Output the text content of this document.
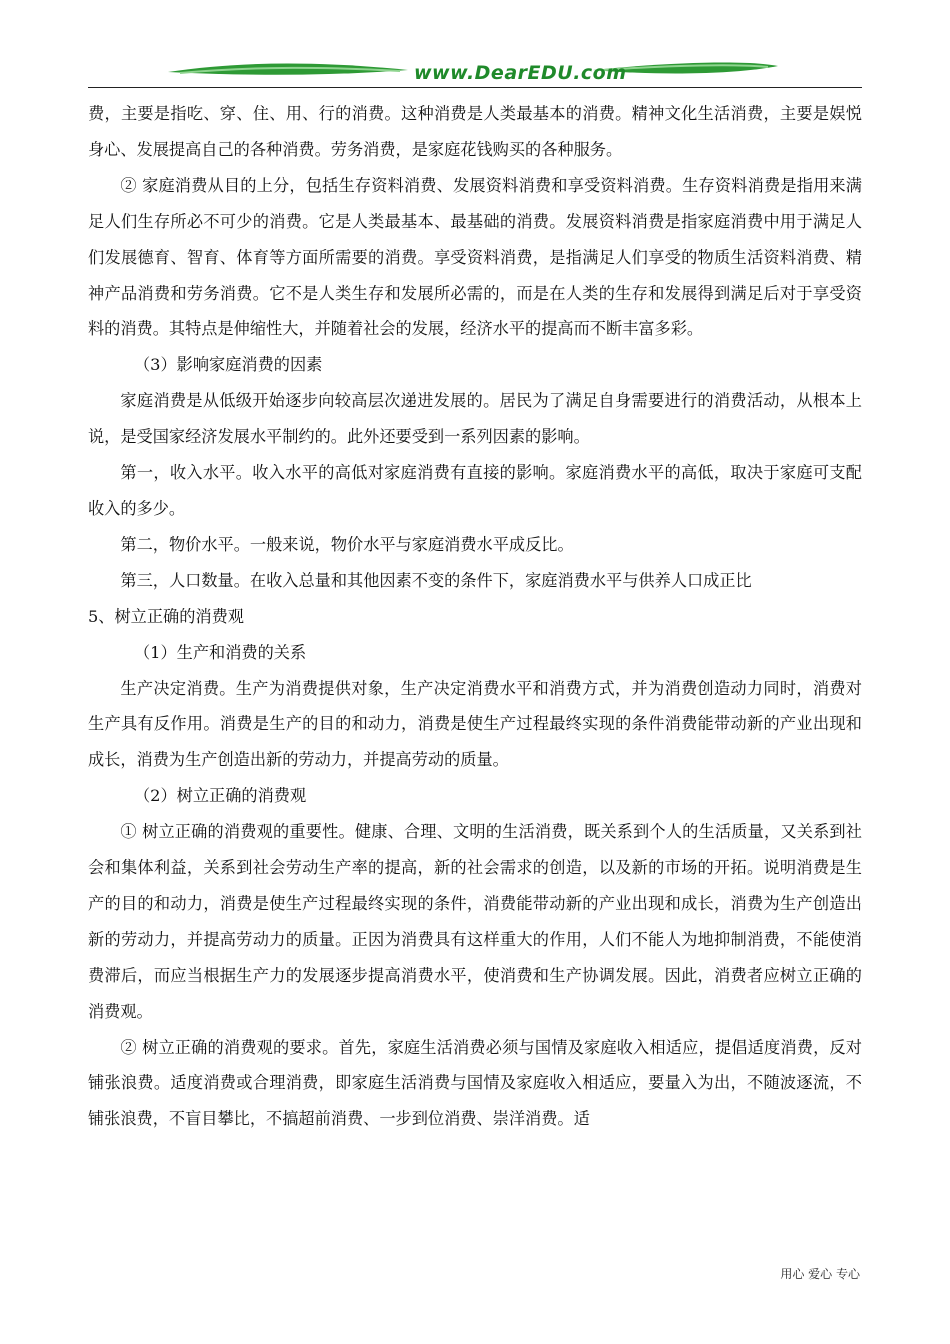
www.DearEDU.com

费，主要是指吃、穿、住、用、行的消费。这种消费是人类最基本的消费。精神文化生活消费，主要是娱悦身心、发展提高自己的各种消费。劳务消费，是家庭花钱购买的各种服务。

② 家庭消费从目的上分，包括生存资料消费、发展资料消费和享受资料消费。生存资料消费是指用来满足人们生存所必不可少的消费。它是人类最基本、最基础的消费。发展资料消费是指家庭消费中用于满足人们发展德育、智育、体育等方面所需要的消费。享受资料消费，是指满足人们享受的物质生活资料消费、精神产品消费和劳务消费。它不是人类生存和发展所必需的，而是在人类的生存和发展得到满足后对于享受资料的消费。其特点是伸缩性大，并随着社会的发展，经济水平的提高而不断丰富多彩。

（3）影响家庭消费的因素

家庭消费是从低级开始逐步向较高层次递进发展的。居民为了满足自身需要进行的消费活动，从根本上说，是受国家经济发展水平制约的。此外还要受到一系列因素的影响。

第一，收入水平。收入水平的高低对家庭消费有直接的影响。家庭消费水平的高低，取决于家庭可支配收入的多少。

第二，物价水平。一般来说，物价水平与家庭消费水平成反比。

第三，人口数量。在收入总量和其他因素不变的条件下，家庭消费水平与供养人口成正比

5、树立正确的消费观

（1）生产和消费的关系

生产决定消费。生产为消费提供对象，生产决定消费水平和消费方式，并为消费创造动力同时，消费对生产具有反作用。消费是生产的目的和动力，消费是使生产过程最终实现的条件消费能带动新的产业出现和成长，消费为生产创造出新的劳动力，并提高劳动的质量。

（2）树立正确的消费观

① 树立正确的消费观的重要性。健康、合理、文明的生活消费，既关系到个人的生活质量，又关系到社会和集体利益，关系到社会劳动生产率的提高，新的社会需求的创造，以及新的市场的开拓。说明消费是生产的目的和动力，消费是使生产过程最终实现的条件，消费能带动新的产业出现和成长，消费为生产创造出新的劳动力，并提高劳动力的质量。正因为消费具有这样重大的作用，人们不能人为地抑制消费，不能使消费滞后，而应当根据生产力的发展逐步提高消费水平，使消费和生产协调发展。因此，消费者应树立正确的消费观。

② 树立正确的消费观的要求。首先，家庭生活消费必须与国情及家庭收入相适应，提倡适度消费，反对铺张浪费。适度消费或合理消费，即家庭生活消费与国情及家庭收入相适应，要量入为出，不随波逐流，不铺张浪费，不盲目攀比，不搞超前消费、一步到位消费、崇洋消费。适

用心 爱心 专心
